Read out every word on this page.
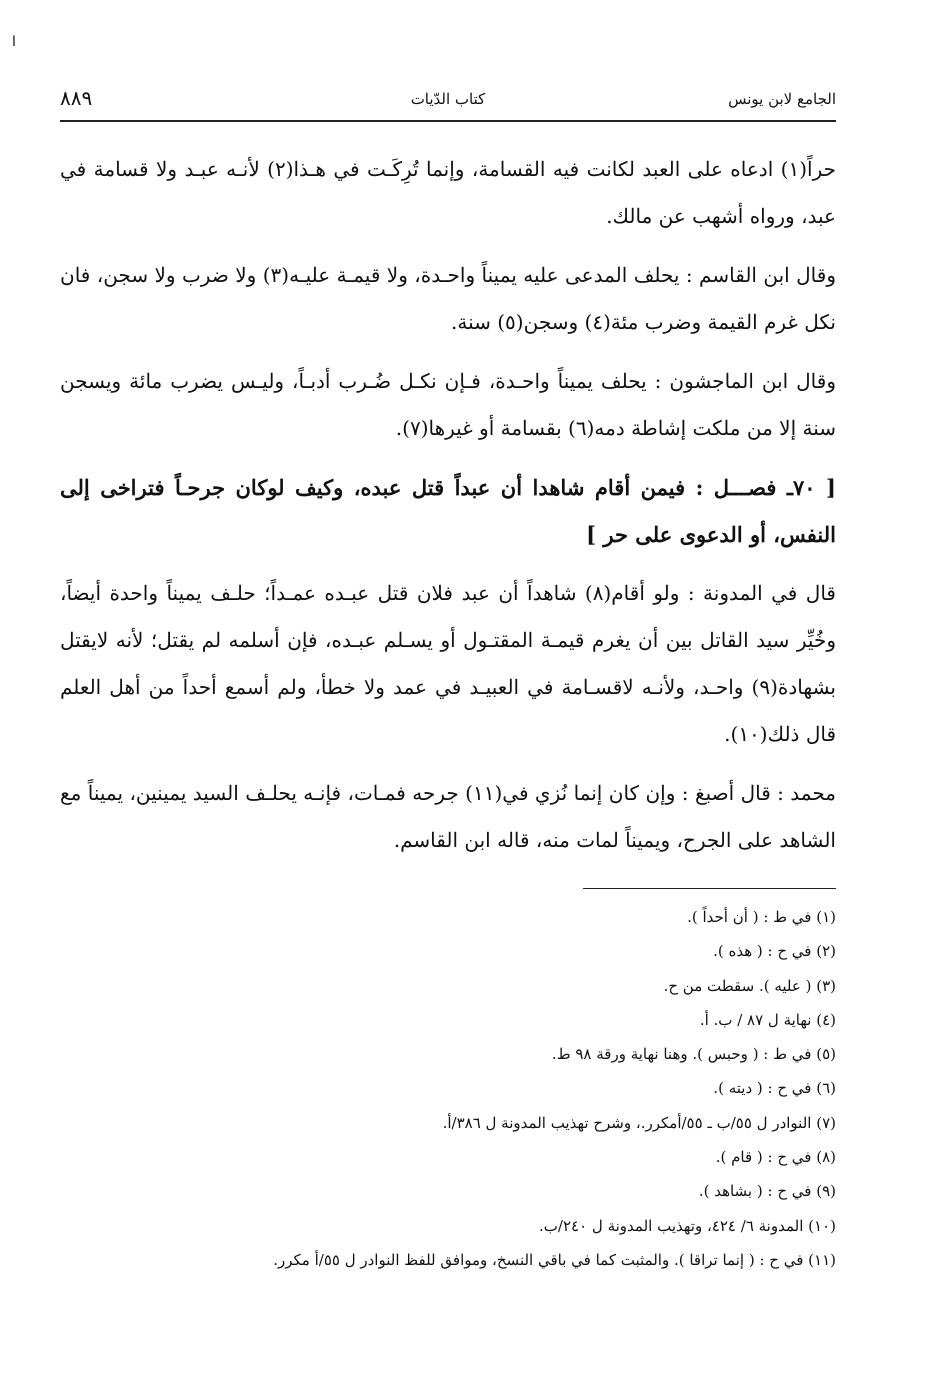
ا
الجامع لابن يونس
كتاب الدّيات
٨٨٩

حراً(١) ادعاه على العبد لكانت فيه القسامة، وإنما تُرِكَـت في هـذا(٢) لأنـه عبـد ولا قسامة في عبد، ورواه أشهب عن مالك.

وقال ابن القاسم : يحلف المدعى عليه يميناً واحـدة، ولا قيمـة عليـه(٣) ولا ضرب ولا سجن، فان نكل غرم القيمة وضرب مئة(٤) وسجن(٥) سنة.

وقال ابن الماجشون : يحلف يميناً واحـدة، فـإن نكـل ضُـرب أدبـاً، وليـس يضرب مائة ويسجن سنة إلا من ملكت إشاطة دمه(٦) بقسامة أو غيرها(٧).

[ ٧٠ـ فصـــل : فيمن أقام شاهدا أن عبداً قتل عبده، وكيف لوكان جرحـاً فتراخى إلى النفس، أو الدعوى على حر ]

قال في المدونة : ولو أقام(٨) شاهداً أن عبد فلان قتل عبـده عمـداً؛ حلـف يميناً واحدة أيضاً، وخُيِّر سيد القاتل بين أن يغرم قيمـة المقتـول أو يسـلم عبـده، فإن أسلمه لم يقتل؛ لأنه لايقتل بشهادة(٩) واحـد، ولأنـه لاقسـامة في العبيـد في عمد ولا خطأ، ولم أسمع أحداً من أهل العلم قال ذلك(١٠).

محمد : قال أصبغ : وإن كان إنما نُزي في(١١) جرحه فمـات، فإنـه يحلـف السيد يمينين، يميناً مع الشاهد على الجرح، ويميناً لمات منه، قاله ابن القاسم.

(١) في ط : ( أن أحداً ).
(٢) في ح : ( هذه ).
(٣) ( عليه ). سقطت من ح.
(٤) نهاية ل ٨٧ / ب. أ.
(٥) في ط : ( وحبس ). وهنا نهاية ورقة ٩٨ ط.
(٦) في ح : ( ديته ).
(٧) النوادر ل ٥٥/ب ـ ٥٥/أمكرر.، وشرح تهذيب المدونة ل ٣٨٦/أ.
(٨) في ح : ( قام ).
(٩) في ح : ( بشاهد ).
(١٠) المدونة ٦/ ٤٢٤، وتهذيب المدونة ل ٢٤٠/ب.
(١١) في ح : ( إنما تراقا ). والمثبت كما في باقي النسخ، وموافق للفظ النوادر ل ٥٥/أ مكرر.
